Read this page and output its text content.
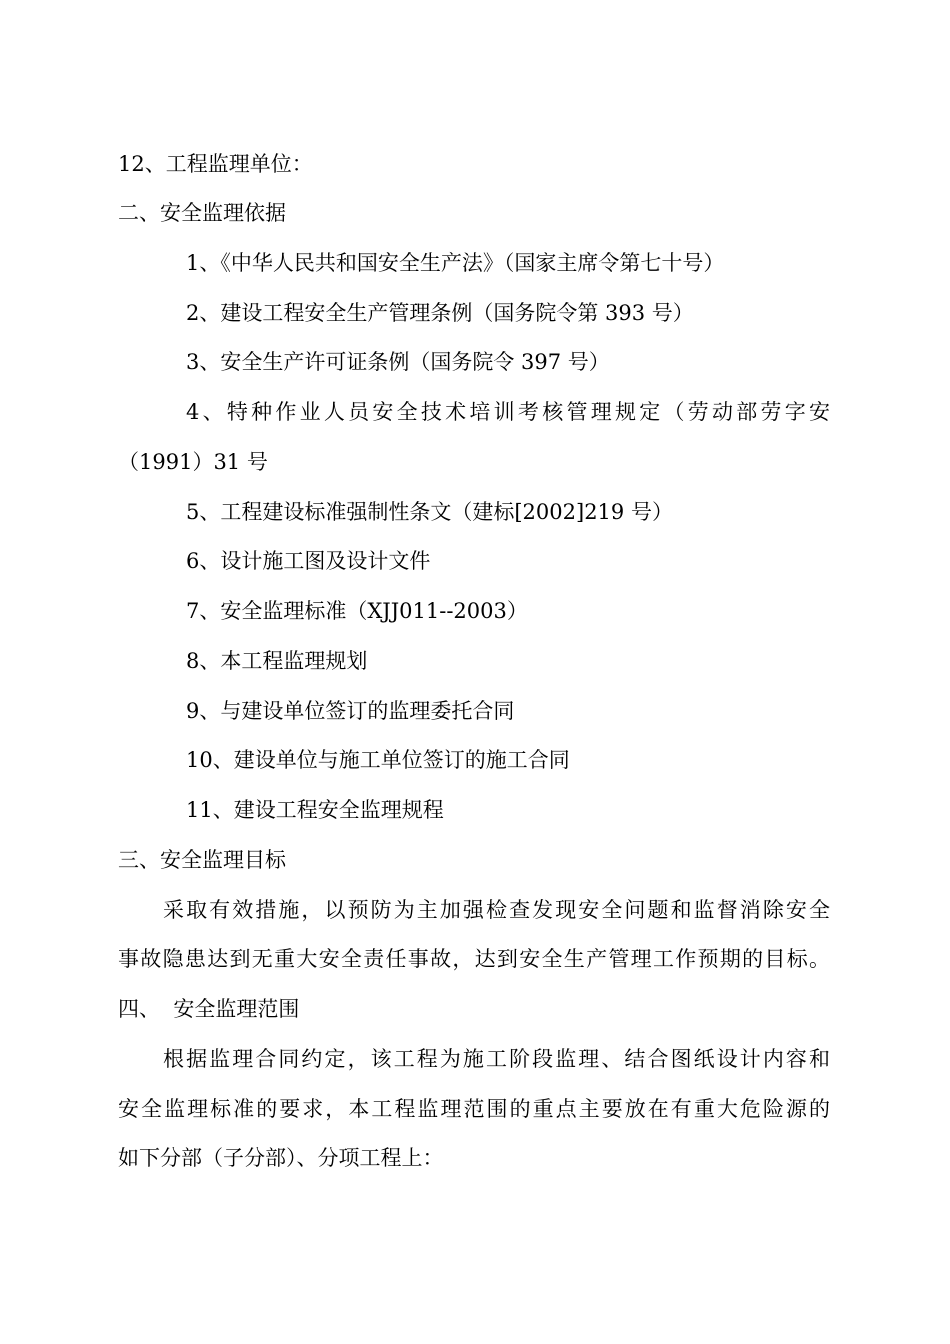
12、工程监理单位：
二、安全监理依据
1、《中华人民共和国安全生产法》（国家主席令第七十号）
2、建设工程安全生产管理条例（国务院令第 393 号）
3、安全生产许可证条例（国务院令 397 号）
4、特种作业人员安全技术培训考核管理规定（劳动部劳字安
（1991）31 号
5、工程建设标准强制性条文（建标[2002]219 号）
6、设计施工图及设计文件
7、安全监理标准（XJJ011--2003）
8、本工程监理规划
9、与建设单位签订的监理委托合同
10、建设单位与施工单位签订的施工合同
11、建设工程安全监理规程
三、安全监理目标
采取有效措施，以预防为主加强检查发现安全问题和监督消除安全
事故隐患达到无重大安全责任事故，达到安全生产管理工作预期的目标。
四、  安全监理范围
根据监理合同约定，该工程为施工阶段监理、结合图纸设计内容和
安全监理标准的要求，本工程监理范围的重点主要放在有重大危险源的
如下分部（子分部）、分项工程上：
